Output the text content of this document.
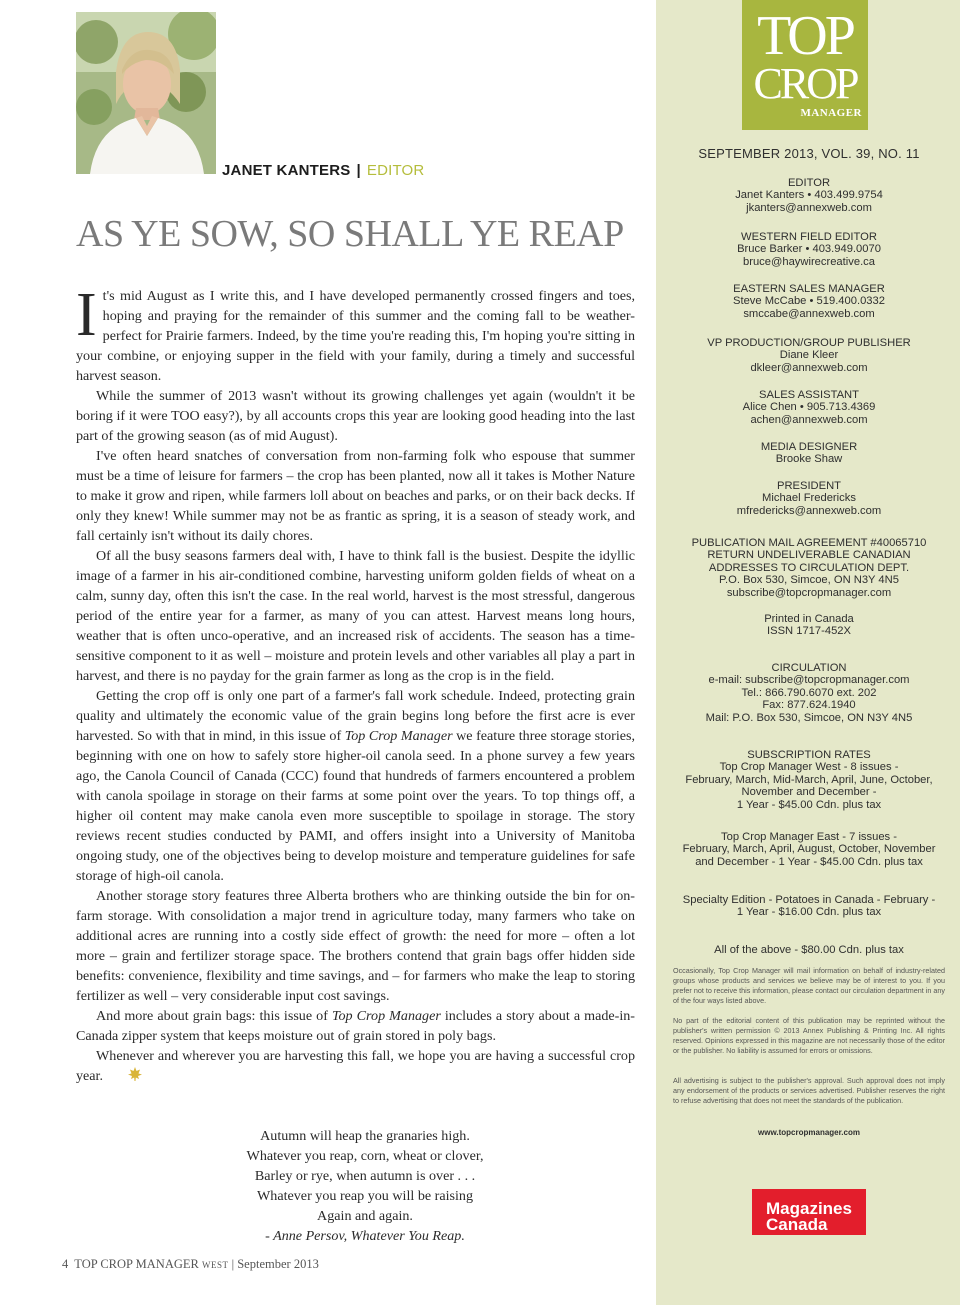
JANET KANTERS | EDITOR
AS YE SOW, SO SHALL YE REAP

It's mid August as I write this, and I have developed permanently crossed fingers and toes, hoping and praying for the remainder of this summer and the coming fall to be weather-perfect for Prairie farmers. Indeed, by the time you're reading this, I'm hoping you're sitting in your combine, or enjoying supper in the field with your family, during a timely and successful harvest season.

While the summer of 2013 wasn't without its growing challenges yet again (wouldn't it be boring if it were TOO easy?), by all accounts crops this year are looking good heading into the last part of the growing season (as of mid August).

I've often heard snatches of conversation from non-farming folk who espouse that summer must be a time of leisure for farmers – the crop has been planted, now all it takes is Mother Nature to make it grow and ripen, while farmers loll about on beaches and parks, or on their back decks. If only they knew! While summer may not be as frantic as spring, it is a season of steady work, and fall certainly isn't without its daily chores.

Of all the busy seasons farmers deal with, I have to think fall is the busiest. Despite the idyllic image of a farmer in his air-conditioned combine, harvesting uniform golden fields of wheat on a calm, sunny day, often this isn't the case. In the real world, harvest is the most stressful, dangerous period of the entire year for a farmer, as many of you can attest. Harvest means long hours, weather that is often unco-operative, and an increased risk of accidents. The season has a time-sensitive component to it as well – moisture and protein levels and other variables all play a part in harvest, and there is no payday for the grain farmer as long as the crop is in the field.

Getting the crop off is only one part of a farmer's fall work schedule. Indeed, protecting grain quality and ultimately the economic value of the grain begins long before the first acre is ever harvested. So with that in mind, in this issue of Top Crop Manager we feature three storage stories, beginning with one on how to safely store higher-oil canola seed. In a phone survey a few years ago, the Canola Council of Canada (CCC) found that hundreds of farmers encountered a problem with canola spoilage in storage on their farms at some point over the years. To top things off, a higher oil content may make canola even more susceptible to spoilage in storage. The story reviews recent studies conducted by PAMI, and offers insight into a University of Manitoba ongoing study, one of the objectives being to develop moisture and temperature guidelines for safe storage of high-oil canola.

Another storage story features three Alberta brothers who are thinking outside the bin for on-farm storage. With consolidation a major trend in agriculture today, many farmers who take on additional acres are running into a costly side effect of growth: the need for more – often a lot more – grain and fertilizer storage space. The brothers contend that grain bags offer hidden side benefits: convenience, flexibility and time savings, and – for farmers who make the leap to storing fertilizer as well – very considerable input cost savings.

And more about grain bags: this issue of Top Crop Manager includes a story about a made-in-Canada zipper system that keeps moisture out of grain stored in poly bags.

Whenever and wherever you are harvesting this fall, we hope you are having a successful crop year.

Autumn will heap the granaries high.
Whatever you reap, corn, wheat or clover,
Barley or rye, when autumn is over . . .
Whatever you reap you will be raising
Again and again.
- Anne Persov, Whatever You Reap.
4 TOP CROP MANAGER WEST | September 2013
TOP
CROP
MANAGER
SEPTEMBER 2013, VOL. 39, NO. 11
EDITOR
Janet Kanters • 403.499.9754
jkanters@annexweb.com
WESTERN FIELD EDITOR
Bruce Barker • 403.949.0070
bruce@haywirecreative.ca
EASTERN SALES MANAGER
Steve McCabe • 519.400.0332
smccabe@annexweb.com
VP PRODUCTION/GROUP PUBLISHER
Diane Kleer
dkleer@annexweb.com
SALES ASSISTANT
Alice Chen • 905.713.4369
achen@annexweb.com
MEDIA DESIGNER
Brooke Shaw
PRESIDENT
Michael Fredericks
mfredericks@annexweb.com
PUBLICATION MAIL AGREEMENT #40065710
RETURN UNDELIVERABLE CANADIAN
ADDRESSES TO CIRCULATION DEPT.
P.O. Box 530, Simcoe, ON N3Y 4N5
subscribe@topcropmanager.com
Printed in Canada
ISSN 1717-452X
CIRCULATION
e-mail: subscribe@topcropmanager.com
Tel.: 866.790.6070 ext. 202
Fax: 877.624.1940
Mail: P.O. Box 530, Simcoe, ON N3Y 4N5
SUBSCRIPTION RATES
Top Crop Manager West - 8 issues -
February, March, Mid-March, April, June, October,
November and December -
1 Year - $45.00 Cdn. plus tax
Top Crop Manager East - 7 issues -
February, March, April, August, October, November
and December - 1 Year - $45.00 Cdn. plus tax
Specialty Edition - Potatoes in Canada - February -
1 Year - $16.00 Cdn. plus tax
All of the above - $80.00 Cdn. plus tax
Occasionally, Top Crop Manager will mail information on behalf of industry-related groups whose products and services we believe may be of interest to you. If you prefer not to receive this information, please contact our circulation department in any of the four ways listed above.
No part of the editorial content of this publication may be reprinted without the publisher's written permission © 2013 Annex Publishing & Printing Inc. All rights reserved. Opinions expressed in this magazine are not necessarily those of the editor or the publisher. No liability is assumed for errors or omissions.
All advertising is subject to the publisher's approval. Such approval does not imply any endorsement of the products or services advertised. Publisher reserves the right to refuse advertising that does not meet the standards of the publication.
www.topcropmanager.com
Magazines
Canada
